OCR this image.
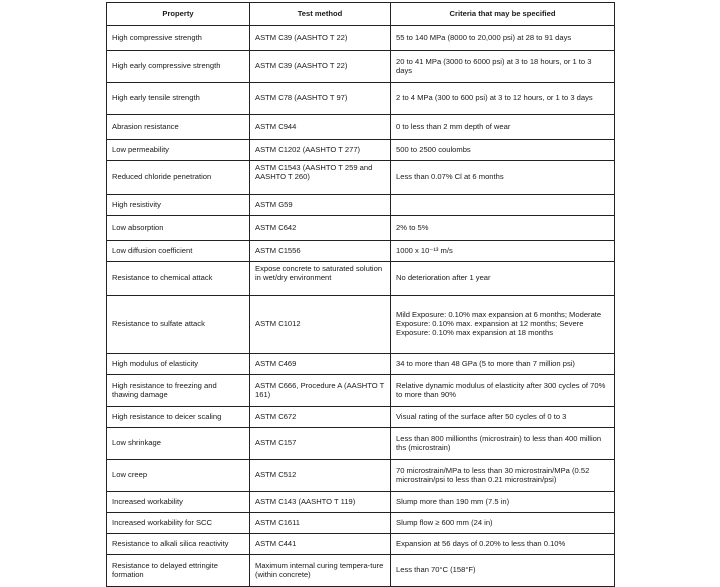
Property	Test method	Criteria that may be specified
High compressive strength	ASTM C39 (AASHTO T 22)	55 to 140 MPa (8000 to 20,000 psi) at 28 to 91 days
High early compressive strength	ASTM C39 (AASHTO T 22)	20 to 41 MPa (3000 to 6000 psi) at 3 to 18 hours, or 1 to 3 days
High early tensile strength	ASTM C78 (AASHTO T 97)	2 to 4 MPa (300 to 600 psi) at 3 to 12 hours, or 1 to 3 days
Abrasion resistance	ASTM C944	0 to less than 2 mm depth of wear
Low permeability	ASTM C1202 (AASHTO T 277)	500 to 2500 coulombs
Reduced chloride penetration	ASTM C1543 (AASHTO T 259 and AASHTO T 260)	Less than 0.07% Cl at 6 months
High resistivity	ASTM G59	
Low absorption	ASTM C642	2% to 5%
Low diffusion coefficient	ASTM C1556	1000 x 10⁻¹³ m/s
Resistance to chemical attack	Expose concrete to saturated solution in wet/dry environment	No deterioration after 1 year
Resistance to sulfate attack	ASTM C1012	Mild Exposure: 0.10% max expansion at 6 months; Moderate Exposure: 0.10% max. expansion at 12 months; Severe Exposure: 0.10% max expansion at 18 months
High modulus of elasticity	ASTM C469	34 to more than 48 GPa (5 to more than 7 million psi)
High resistance to freezing and thawing damage	ASTM C666, Procedure A (AASHTO T 161)	Relative dynamic modulus of elasticity after 300 cycles of 70% to more than 90%
High resistance to deicer scaling	ASTM C672	Visual rating of the surface after 50 cycles of 0 to 3
Low shrinkage	ASTM C157	Less than 800 millionths (microstrain) to less than 400 million ths (microstrain)
Low creep	ASTM C512	70 microstrain/MPa to less than 30 microstrain/MPa (0.52 microstrain/psi to less than 0.21 microstrain/psi)
Increased workability	ASTM C143 (AASHTO T 119)	Slump more than 190 mm (7.5 in)
Increased workability for SCC	ASTM C1611	Slump flow ≥ 600 mm (24 in)
Resistance to alkali silica reactivity	ASTM C441	Expansion at 56 days of 0.20% to less than 0.10%
Resistance to delayed ettringite formation	Maximum internal curing tempera-ture (within concrete)	Less than 70°C (158°F)
